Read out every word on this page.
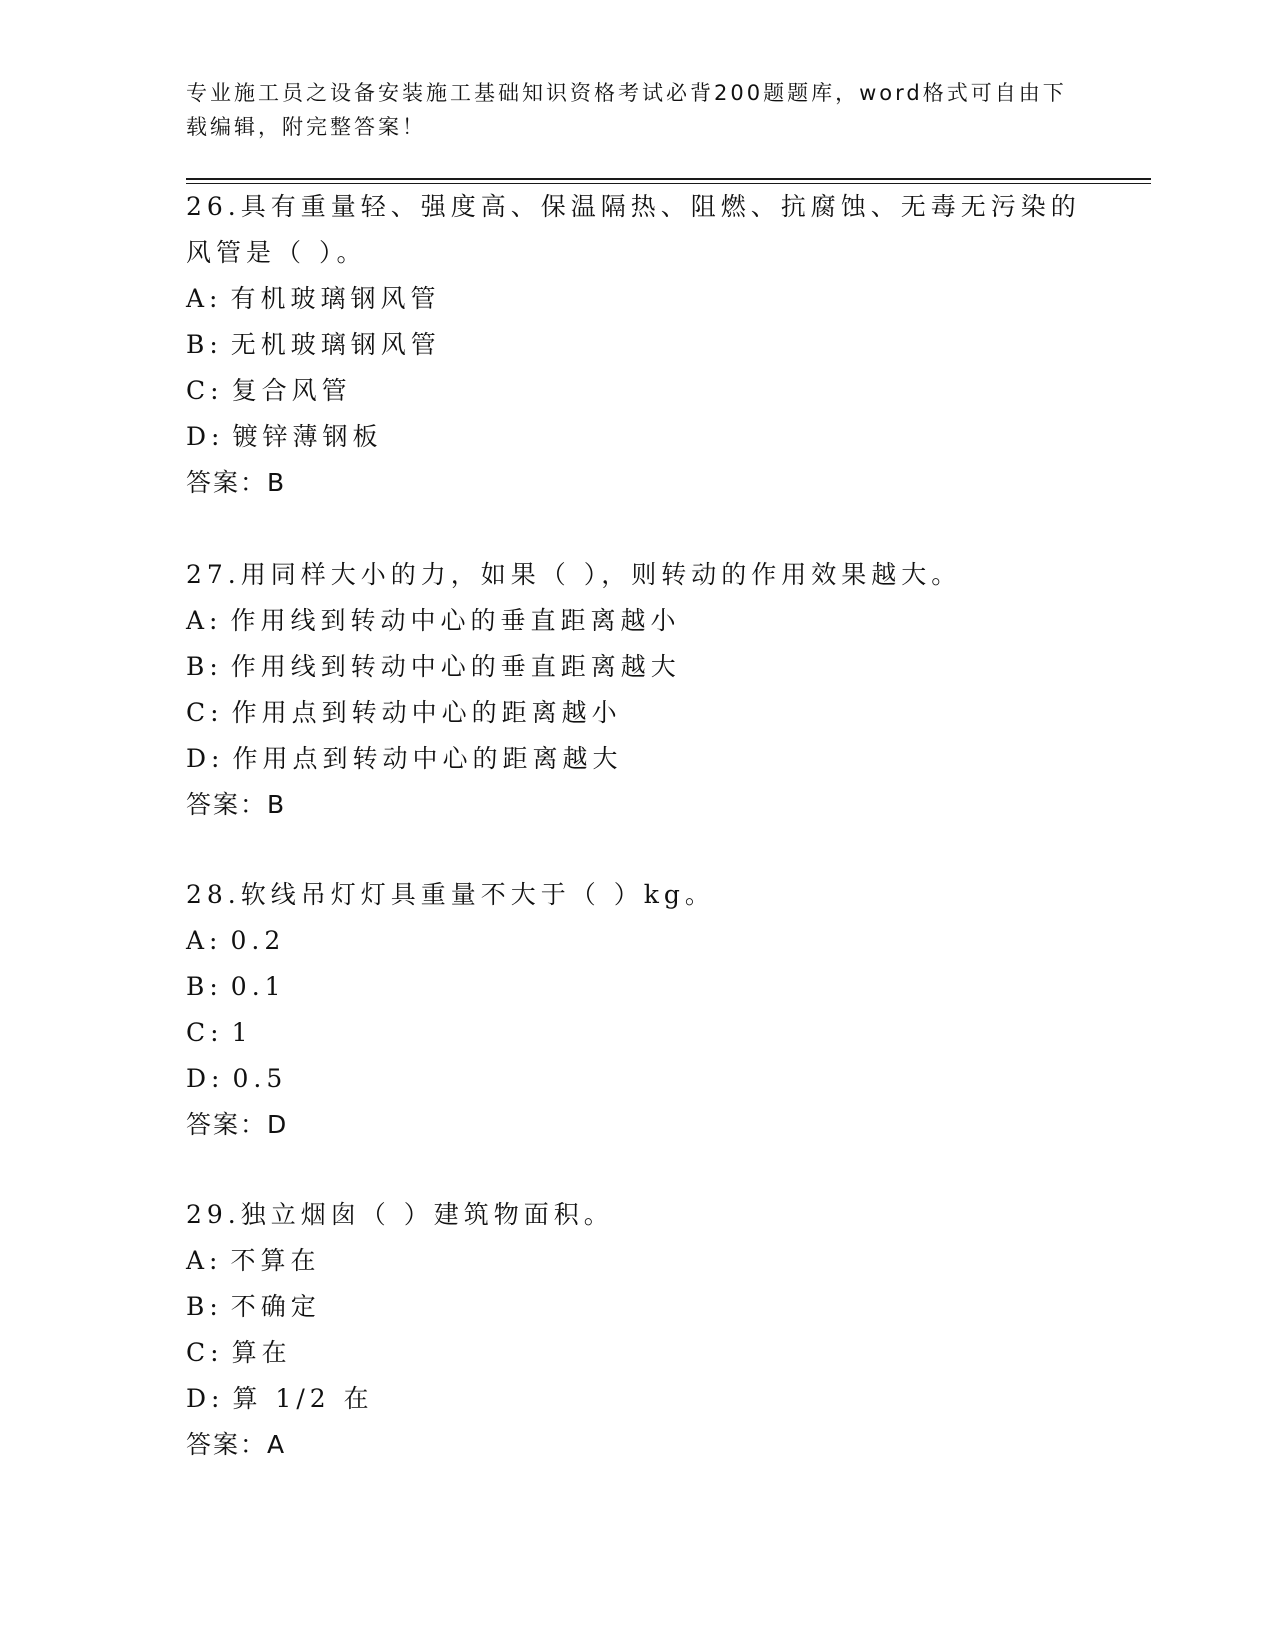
专业施工员之设备安装施工基础知识资格考试必背200题题库，word格式可自由下载编辑，附完整答案！
26.具有重量轻、强度高、保温隔热、阻燃、抗腐蚀、无毒无污染的风管是（ ）。
A: 有机玻璃钢风管
B: 无机玻璃钢风管
C: 复合风管
D: 镀锌薄钢板
答案：B
27.用同样大小的力，如果（ ），则转动的作用效果越大。
A: 作用线到转动中心的垂直距离越小
B: 作用线到转动中心的垂直距离越大
C: 作用点到转动中心的距离越小
D: 作用点到转动中心的距离越大
答案：B
28.软线吊灯灯具重量不大于（ ）kg。
A: 0.2
B: 0.1
C: 1
D: 0.5
答案：D
29.独立烟囱（ ）建筑物面积。
A: 不算在
B: 不确定
C: 算在
D: 算 1/2 在
答案：A
